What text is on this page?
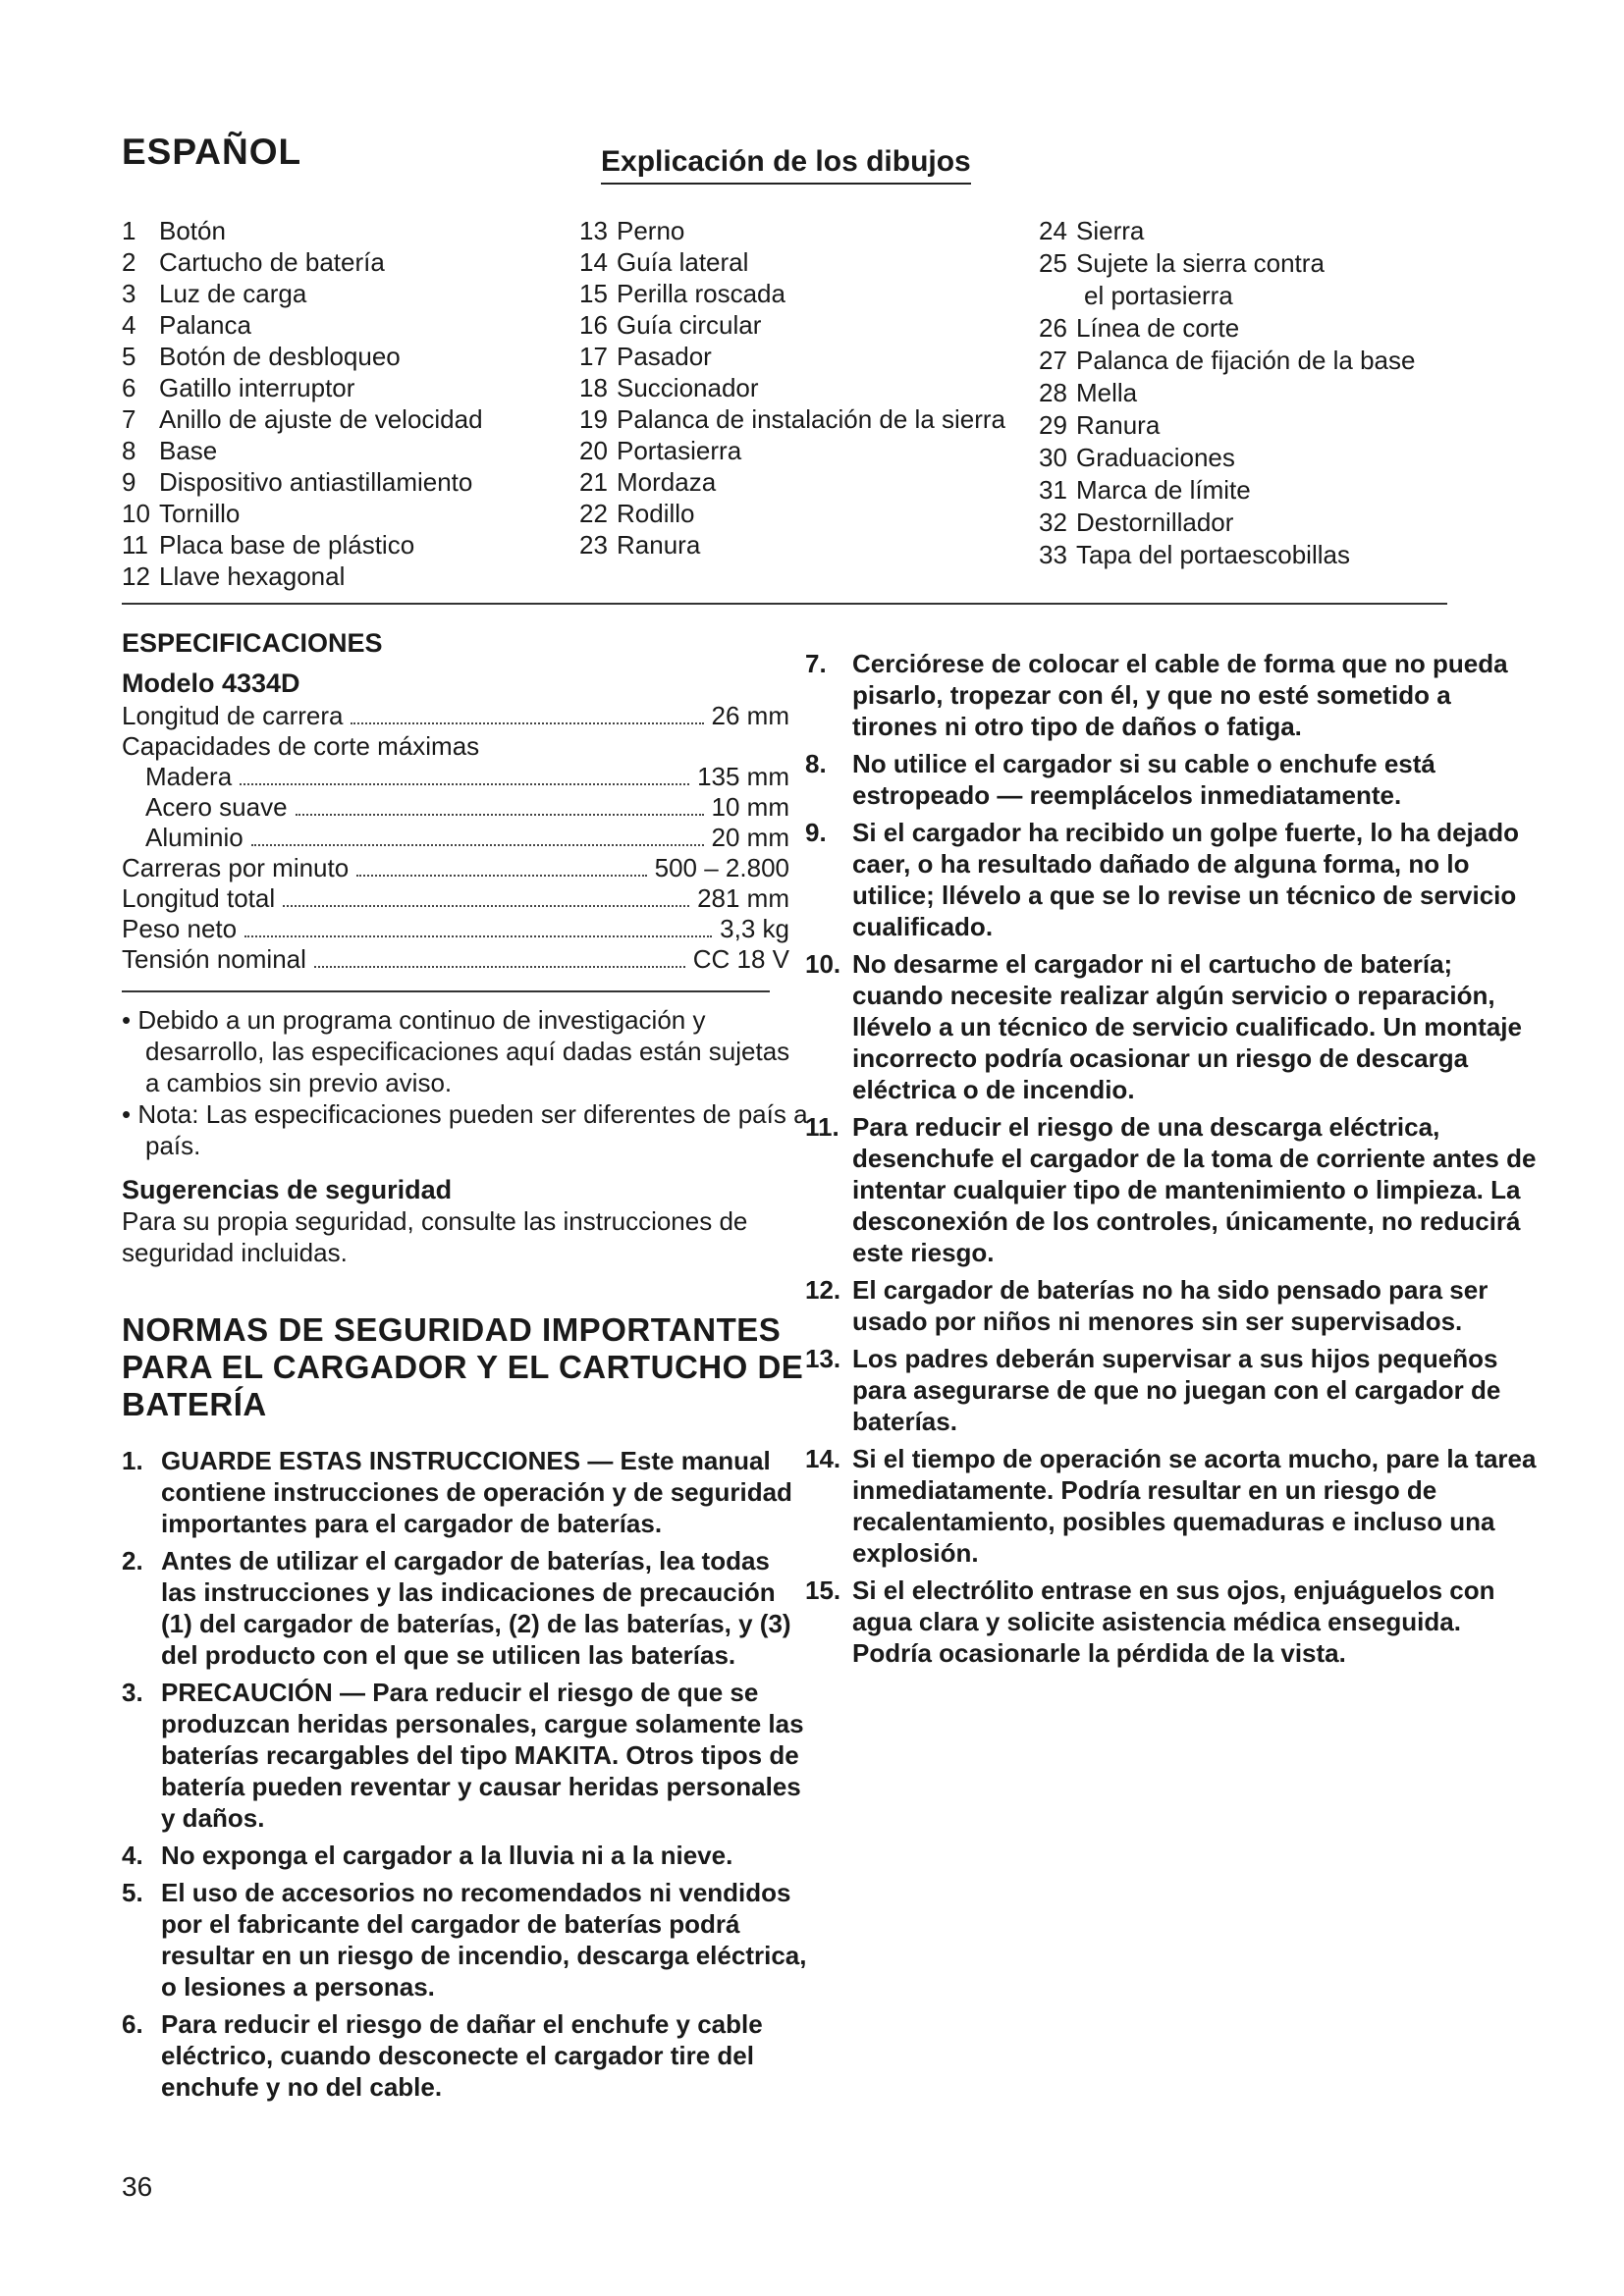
ESPAÑOL	Explicación de los dibujos
1 Botón
2 Cartucho de batería
3 Luz de carga
4 Palanca
5 Botón de desbloqueo
6 Gatillo interruptor
7 Anillo de ajuste de velocidad
8 Base
9 Dispositivo antiastillamiento
10 Tornillo
11 Placa base de plástico
12 Llave hexagonal
13 Perno
14 Guía lateral
15 Perilla roscada
16 Guía circular
17 Pasador
18 Succionador
19 Palanca de instalación de la sierra
20 Portasierra
21 Mordaza
22 Rodillo
23 Ranura
24 Sierra
25 Sujete la sierra contra
el portasierra
26 Línea de corte
27 Palanca de fijación de la base
28 Mella
29 Ranura
30 Graduaciones
31 Marca de límite
32 Destornillador
33 Tapa del portaescobillas
ESPECIFICACIONES
Modelo 4334D
Longitud de carrera	26 mm
Capacidades de corte máximas
Madera	135 mm
Acero suave	10 mm
Aluminio	20 mm
Carreras por minuto	500 – 2.800
Longitud total	281 mm
Peso neto	3,3 kg
Tensión nominal	CC 18 V
• Debido a un programa continuo de investigación y desarrollo, las especificaciones aquí dadas están sujetas a cambios sin previo aviso.
• Nota: Las especificaciones pueden ser diferentes de país a país.
Sugerencias de seguridad
Para su propia seguridad, consulte las instrucciones de seguridad incluidas.
NORMAS DE SEGURIDAD IMPORTANTES PARA EL CARGADOR Y EL CARTUCHO DE BATERÍA
1. GUARDE ESTAS INSTRUCCIONES — Este manual contiene instrucciones de operación y de seguridad importantes para el cargador de baterías.
2. Antes de utilizar el cargador de baterías, lea todas las instrucciones y las indicaciones de precaución (1) del cargador de baterías, (2) de las baterías, y (3) del producto con el que se utilicen las baterías.
3. PRECAUCIÓN — Para reducir el riesgo de que se produzcan heridas personales, cargue solamente las baterías recargables del tipo MAKITA. Otros tipos de batería pueden reventar y causar heridas personales y daños.
4. No exponga el cargador a la lluvia ni a la nieve.
5. El uso de accesorios no recomendados ni vendidos por el fabricante del cargador de baterías podrá resultar en un riesgo de incendio, descarga eléctrica, o lesiones a personas.
6. Para reducir el riesgo de dañar el enchufe y cable eléctrico, cuando desconecte el cargador tire del enchufe y no del cable.
7.	Cerciórese de colocar el cable de forma que no pueda pisarlo, tropezar con él, y que no esté sometido a tirones ni otro tipo de daños o fatiga.
8.	No utilice el cargador si su cable o enchufe está estropeado — reemplácelos inmediatamente.
9.	Si el cargador ha recibido un golpe fuerte, lo ha dejado caer, o ha resultado dañado de alguna forma, no lo utilice; llévelo a que se lo revise un técnico de servicio cualificado.
10. No desarme el cargador ni el cartucho de batería; cuando necesite realizar algún servicio o reparación, llévelo a un técnico de servicio cualificado. Un montaje incorrecto podría ocasionar un riesgo de descarga eléctrica o de incendio.
11. Para reducir el riesgo de una descarga eléctrica, desenchufe el cargador de la toma de corriente antes de intentar cualquier tipo de mantenimiento o limpieza. La desconexión de los controles, únicamente, no reducirá este riesgo.
12. El cargador de baterías no ha sido pensado para ser usado por niños ni menores sin ser supervisados.
13. Los padres deberán supervisar a sus hijos pequeños para asegurarse de que no juegan con el cargador de baterías.
14. Si el tiempo de operación se acorta mucho, pare la tarea inmediatamente. Podría resultar en un riesgo de recalentamiento, posibles quemaduras e incluso una explosión.
15. Si el electrólito entrase en sus ojos, enjuáguelos con agua clara y solicite asistencia médica enseguida. Podría ocasionarle la pérdida de la vista.
36
